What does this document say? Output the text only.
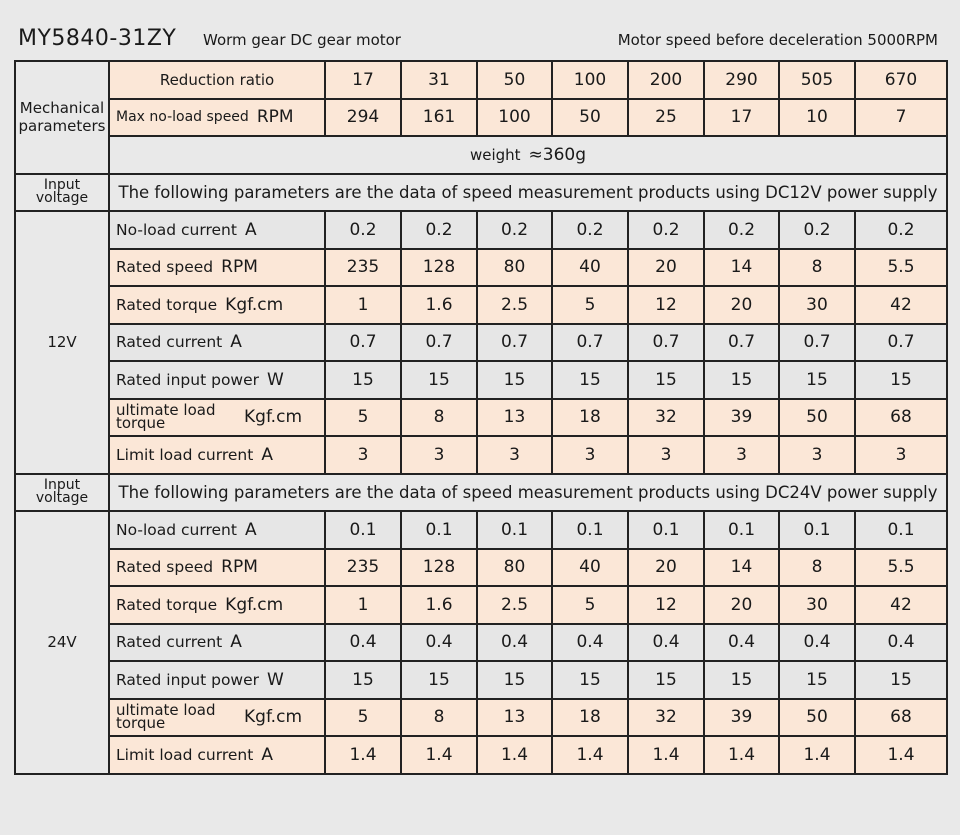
MY5840-31ZY Worm gear DC gear motor	Motor speed before deceleration 5000RPM
Mechanical parameters	Reduction ratio	17	31	50	100	200	290	505	670
	Max no-load speed RPM	294	161	100	50	25	17	10	7
	weight ≈360g								
Input voltage	The following parameters are the data of speed measurement products using DC12V power supply								
12V	No-load current A	0.2	0.2	0.2	0.2	0.2	0.2	0.2	0.2
	Rated speed RPM	235	128	80	40	20	14	8	5.5
	Rated torque Kgf.cm	1	1.6	2.5	5	12	20	30	42
	Rated current A	0.7	0.7	0.7	0.7	0.7	0.7	0.7	0.7
	Rated input power W	15	15	15	15	15	15	15	15
	ultimate load torque Kgf.cm	5	8	13	18	32	39	50	68
	Limit load current A	3	3	3	3	3	3	3	3
Input voltage	The following parameters are the data of speed measurement products using DC24V power supply								
24V	No-load current A	0.1	0.1	0.1	0.1	0.1	0.1	0.1	0.1
	Rated speed RPM	235	128	80	40	20	14	8	5.5
	Rated torque Kgf.cm	1	1.6	2.5	5	12	20	30	42
	Rated current A	0.4	0.4	0.4	0.4	0.4	0.4	0.4	0.4
	Rated input power W	15	15	15	15	15	15	15	15
	ultimate load torque Kgf.cm	5	8	13	18	32	39	50	68
	Limit load current A	1.4	1.4	1.4	1.4	1.4	1.4	1.4	1.4
